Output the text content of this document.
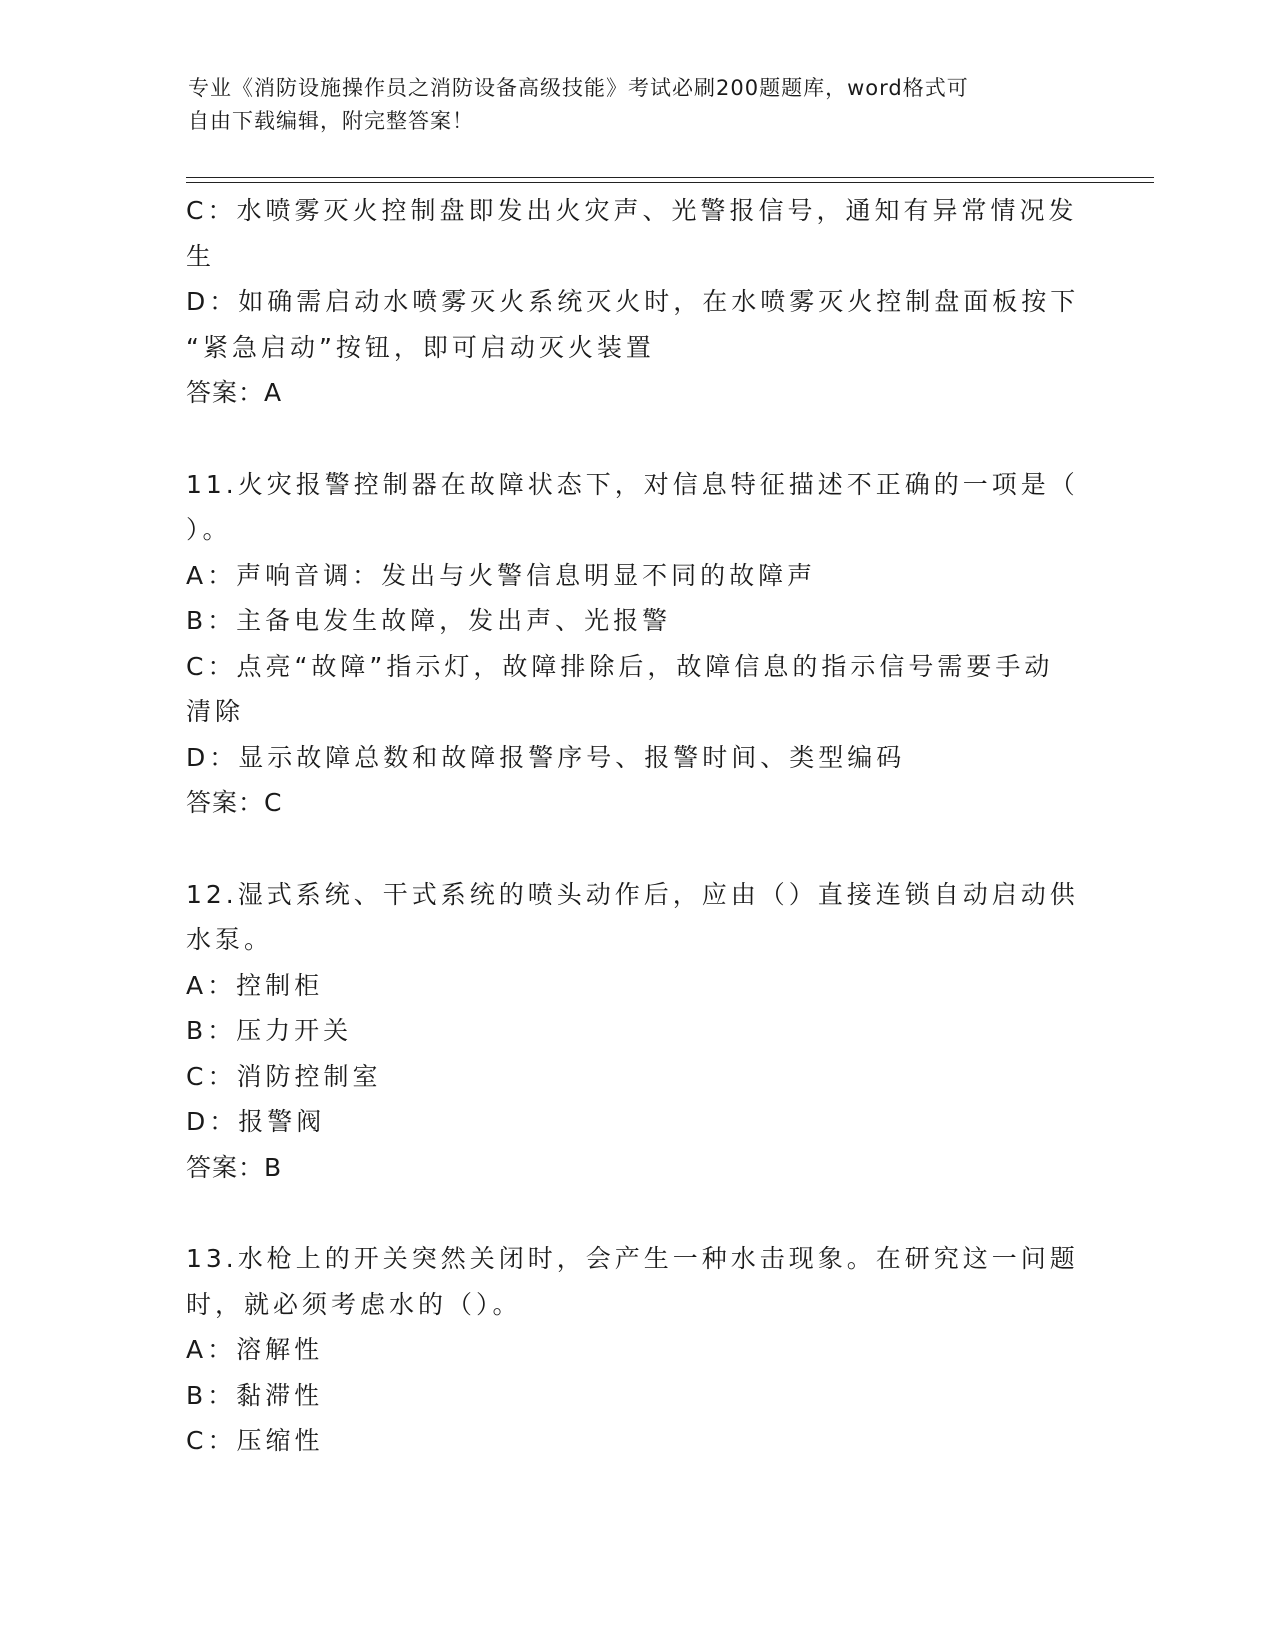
专业《消防设施操作员之消防设备高级技能》考试必刷200题题库，word格式可
自由下载编辑，附完整答案！
C：水喷雾灭火控制盘即发出火灾声、光警报信号，通知有异常情况发
生
D：如确需启动水喷雾灭火系统灭火时，在水喷雾灭火控制盘面板按下
“紧急启动”按钮，即可启动灭火装置
答案：A
11.火灾报警控制器在故障状态下，对信息特征描述不正确的一项是（
）。
A：声响音调：发出与火警信息明显不同的故障声
B：主备电发生故障，发出声、光报警
C：点亮“故障”指示灯，故障排除后，故障信息的指示信号需要手动
清除
D：显示故障总数和故障报警序号、报警时间、类型编码
答案：C
12.湿式系统、干式系统的喷头动作后，应由（）直接连锁自动启动供
水泵。
A：控制柜
B：压力开关
C：消防控制室
D：报警阀
答案：B
13.水枪上的开关突然关闭时，会产生一种水击现象。在研究这一问题
时，就必须考虑水的（）。
A：溶解性
B：黏滞性
C：压缩性
